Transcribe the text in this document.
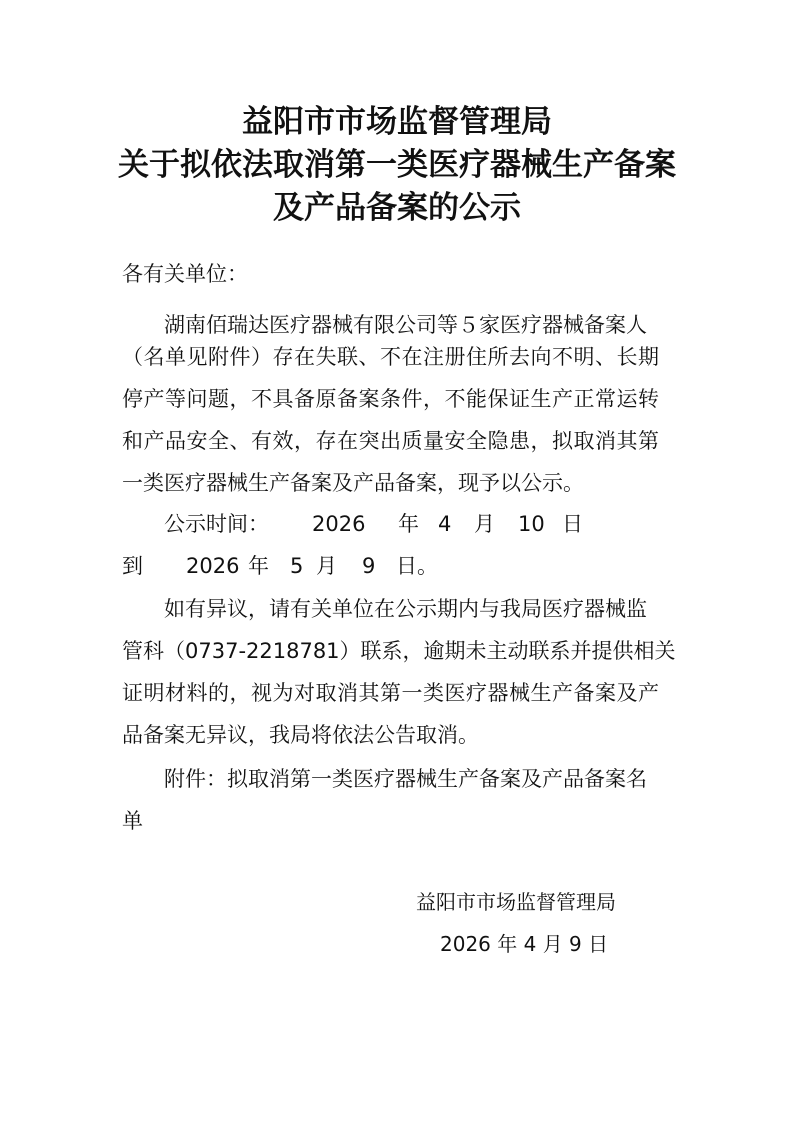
益阳市市场监督管理局
关于拟依法取消第一类医疗器械生产备案
及产品备案的公示
各有关单位：
湖南佰瑞达医疗器械有限公司等５家医疗器械备案人
（名单见附件）存在失联、不在注册住所去向不明、长期
停产等问题，不具备原备案条件，不能保证生产正常运转
和产品安全、有效，存在突出质量安全隐患，拟取消其第
一类医疗器械生产备案及产品备案，现予以公示。
公示时间： 2026 年 4 月 10 日
到 2026 年 5 月 9 日。
如有异议，请有关单位在公示期内与我局医疗器械监
管科（0737-2218781）联系，逾期未主动联系并提供相关
证明材料的，视为对取消其第一类医疗器械生产备案及产
品备案无异议，我局将依法公告取消。
附件：拟取消第一类医疗器械生产备案及产品备案名
单
益阳市市场监督管理局
2026 年 4 月 9 日
